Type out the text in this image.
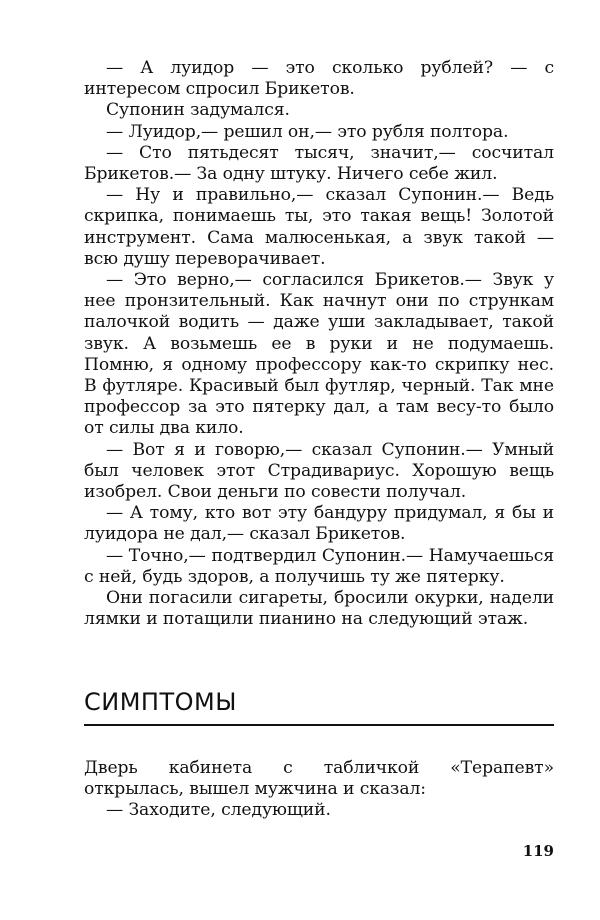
— А луидор — это сколько рублей? — с интересом спросил Брикетов.

Супонин задумался.

— Луидор,— решил он,— это рубля полтора.

— Сто пятьдесят тысяч, значит,— сосчитал Брикетов.— За одну штуку. Ничего себе жил.

— Ну и правильно,— сказал Супонин.— Ведь скрипка, понимаешь ты, это такая вещь! Золотой инструмент. Сама малюсенькая, а звук такой — всю душу переворачивает.

— Это верно,— согласился Брикетов.— Звук у нее пронзительный. Как начнут они по стрункам палочкой водить — даже уши закладывает, такой звук. А возьмешь ее в руки и не подумаешь. Помню, я одному профессору как-то скрипку нес. В футляре. Красивый был футляр, черный. Так мне профессор за это пятерку дал, а там весу-то было от силы два кило.

— Вот я и говорю,— сказал Супонин.— Умный был человек этот Страдивариус. Хорошую вещь изобрел. Свои деньги по совести получал.

— А тому, кто вот эту бандуру придумал, я бы и луидора не дал,— сказал Брикетов.

— Точно,— подтвердил Супонин.— Намучаешься с ней, будь здоров, а получишь ту же пятерку.

Они погасили сигареты, бросили окурки, надели лямки и потащили пианино на следующий этаж.

СИМПТОМЫ

Дверь кабинета с табличкой «Терапевт» открылась, вышел мужчина и сказал:

— Заходите, следующий.

119
